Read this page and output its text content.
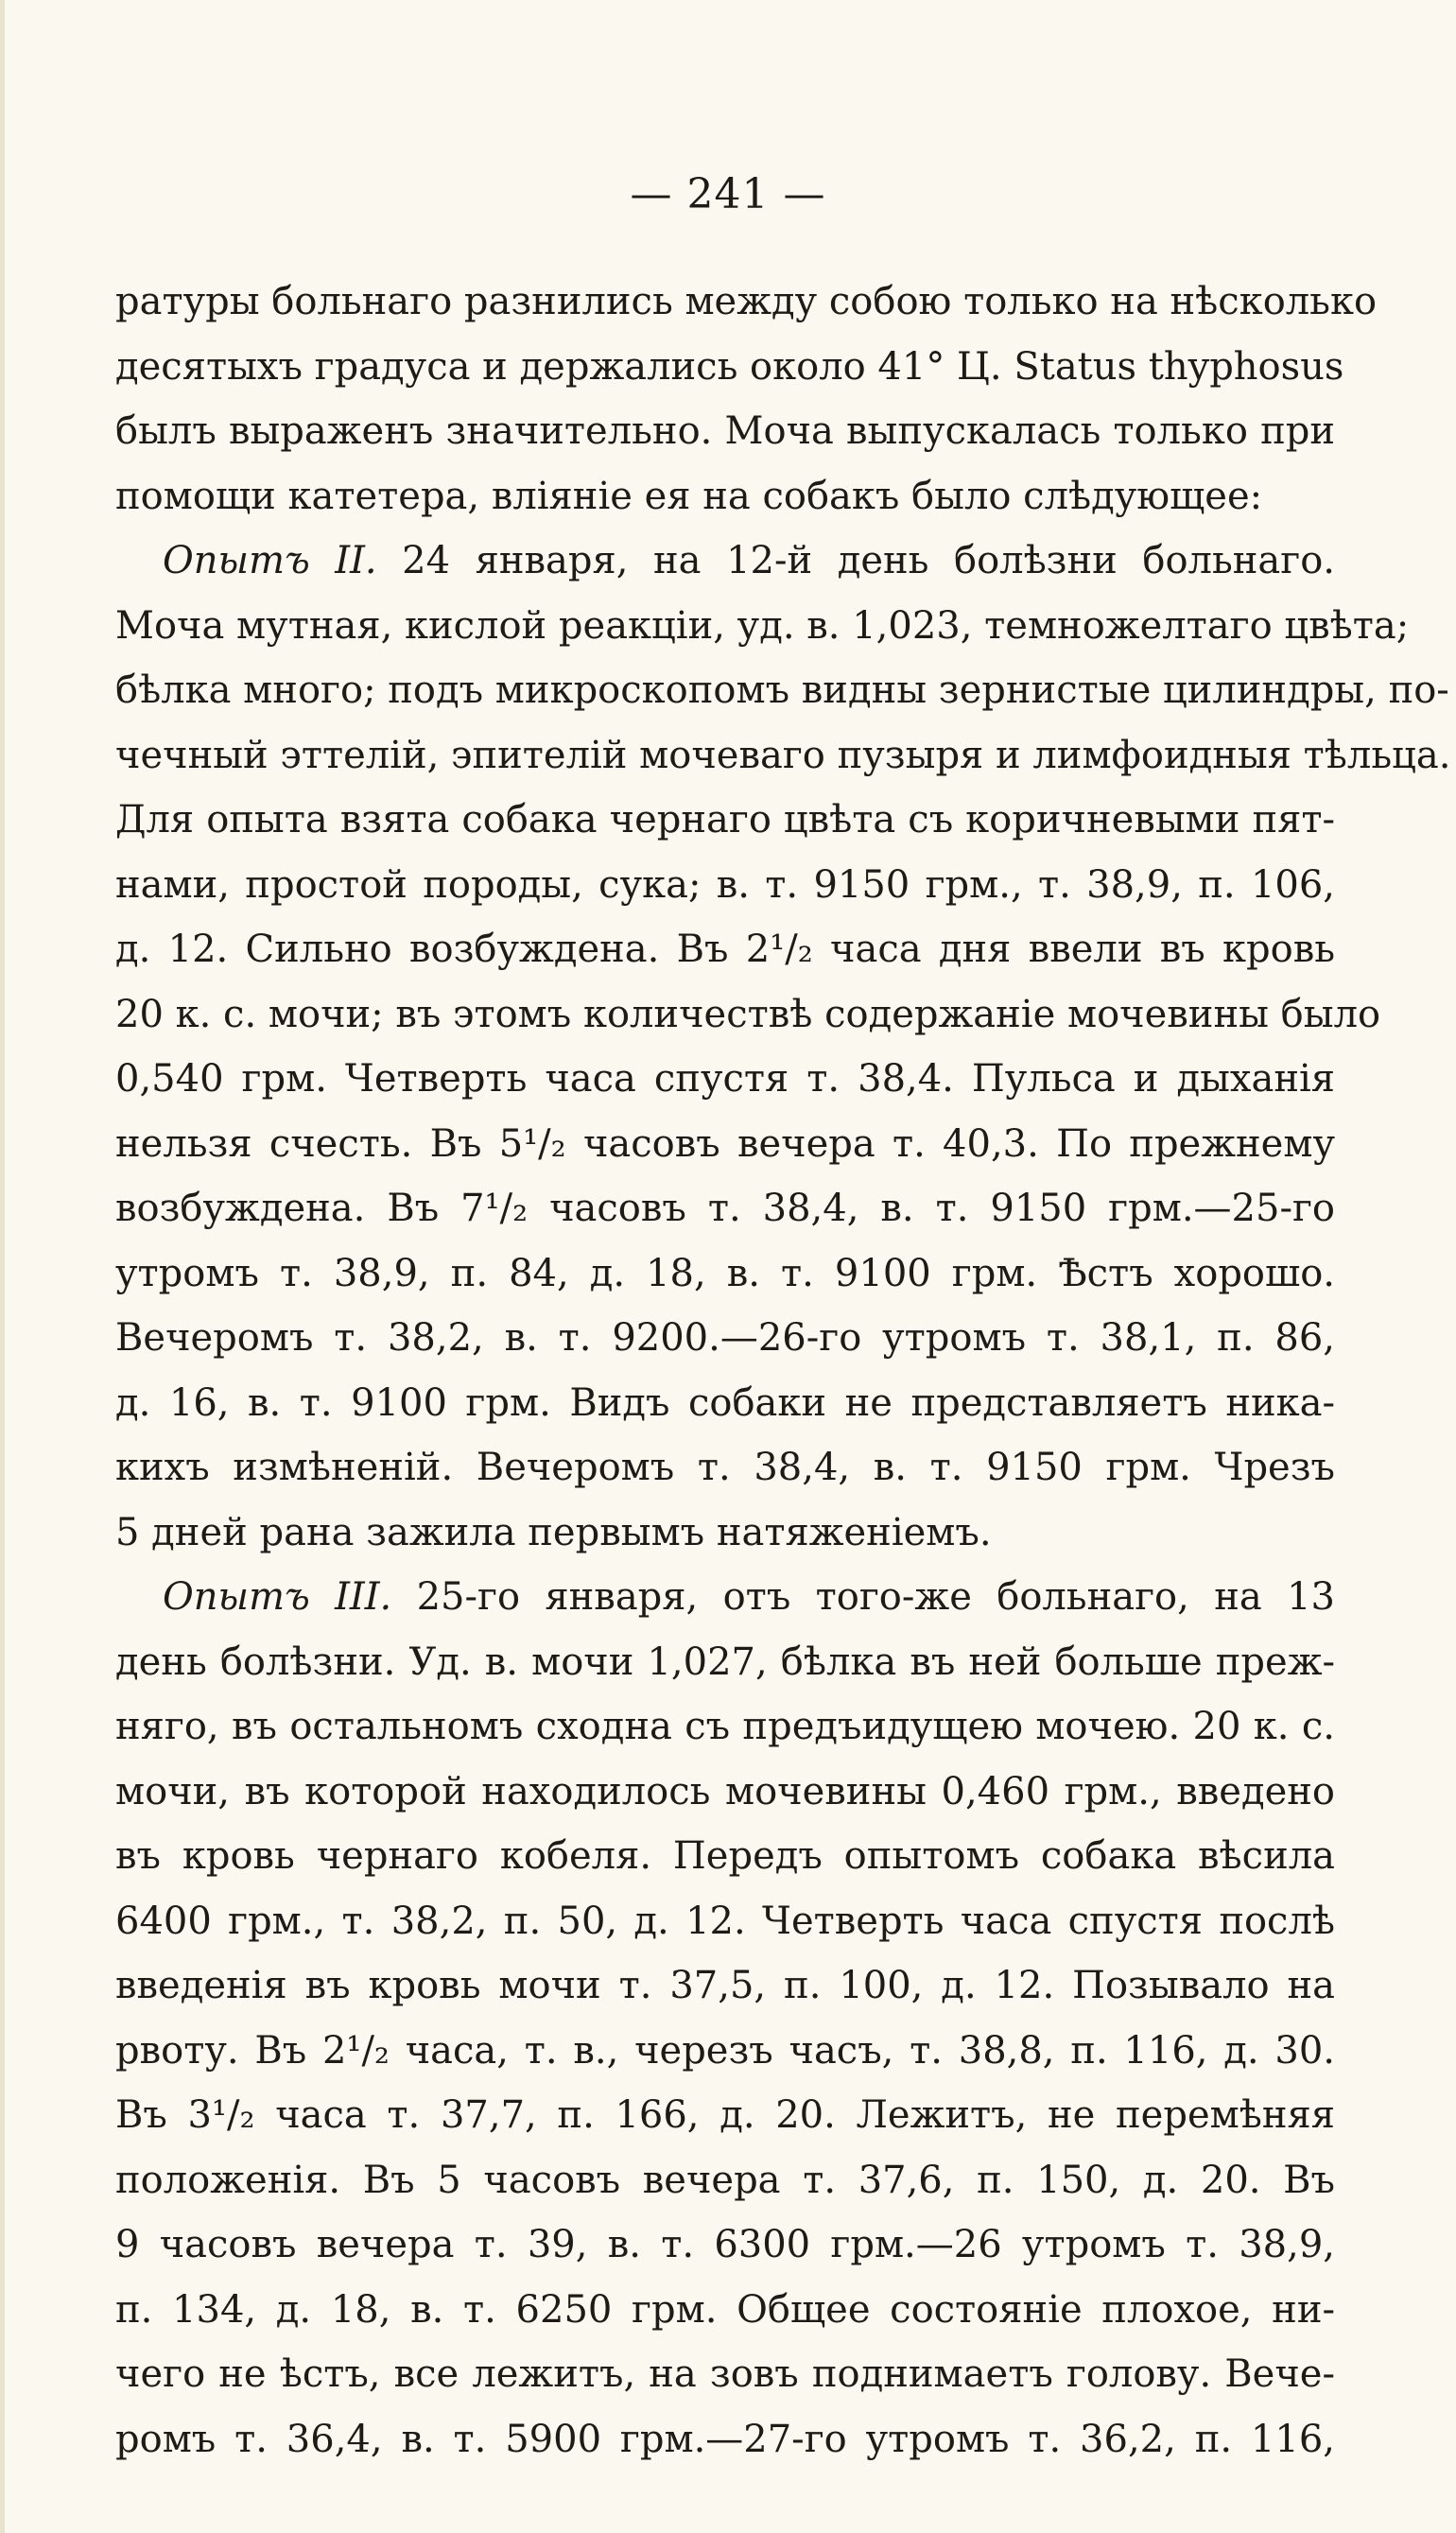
— 241 —
ратуры больнаго разнились между собою только на нѣсколько
десятыхъ градуса и держались около 41° Ц. Status thyphosus
былъ выраженъ значительно. Моча выпускалась только при
помощи катетера, вліяніе ея на собакъ было слѣдующее:
Опытъ II. 24 января, на 12-й день болѣзни больнаго.
Моча мутная, кислой реакціи, уд. в. 1,023, темножелтаго цвѣта;
бѣлка много; подъ микроскопомъ видны зернистые цилиндры, по-
чечный эттелій, эпителій мочеваго пузыря и лимфоидныя тѣльца.
Для опыта взята собака чернаго цвѣта съ коричневыми пят-
нами, простой породы, сука; в. т. 9150 грм., т. 38,9, п. 106,
д. 12. Сильно возбуждена. Въ 2¹/₂ часа дня ввели въ кровь
20 к. с. мочи; въ этомъ количествѣ содержаніе мочевины было
0,540 грм. Четверть часа спустя т. 38,4. Пульса и дыханія
нельзя счесть. Въ 5¹/₂ часовъ вечера т. 40,3. По прежнему
возбуждена. Въ 7¹/₂ часовъ т. 38,4, в. т. 9150 грм.—25-го
утромъ т. 38,9, п. 84, д. 18, в. т. 9100 грм. Ѣстъ хорошо.
Вечеромъ т. 38,2, в. т. 9200.—26-го утромъ т. 38,1, п. 86,
д. 16, в. т. 9100 грм. Видъ собаки не представляетъ ника-
кихъ измѣненій. Вечеромъ т. 38,4, в. т. 9150 грм. Чрезъ
5 дней рана зажила первымъ натяженіемъ.
Опытъ III. 25-го января, отъ того-же больнаго, на 13
день болѣзни. Уд. в. мочи 1,027, бѣлка въ ней больше преж-
няго, въ остальномъ сходна съ предъидущею мочею. 20 к. с.
мочи, въ которой находилось мочевины 0,460 грм., введено
въ кровь чернаго кобеля. Передъ опытомъ собака вѣсила
6400 грм., т. 38,2, п. 50, д. 12. Четверть часа спустя послѣ
введенія въ кровь мочи т. 37,5, п. 100, д. 12. Позывало на
рвоту. Въ 2¹/₂ часа, т. в., черезъ часъ, т. 38,8, п. 116, д. 30.
Въ 3¹/₂ часа т. 37,7, п. 166, д. 20. Лежитъ, не перемѣняя
положенія. Въ 5 часовъ вечера т. 37,6, п. 150, д. 20. Въ
9 часовъ вечера т. 39, в. т. 6300 грм.—26 утромъ т. 38,9,
п. 134, д. 18, в. т. 6250 грм. Общее состояніе плохое, ни-
чего не ѣстъ, все лежитъ, на зовъ поднимаетъ голову. Вече-
ромъ т. 36,4, в. т. 5900 грм.—27-го утромъ т. 36,2, п. 116,
